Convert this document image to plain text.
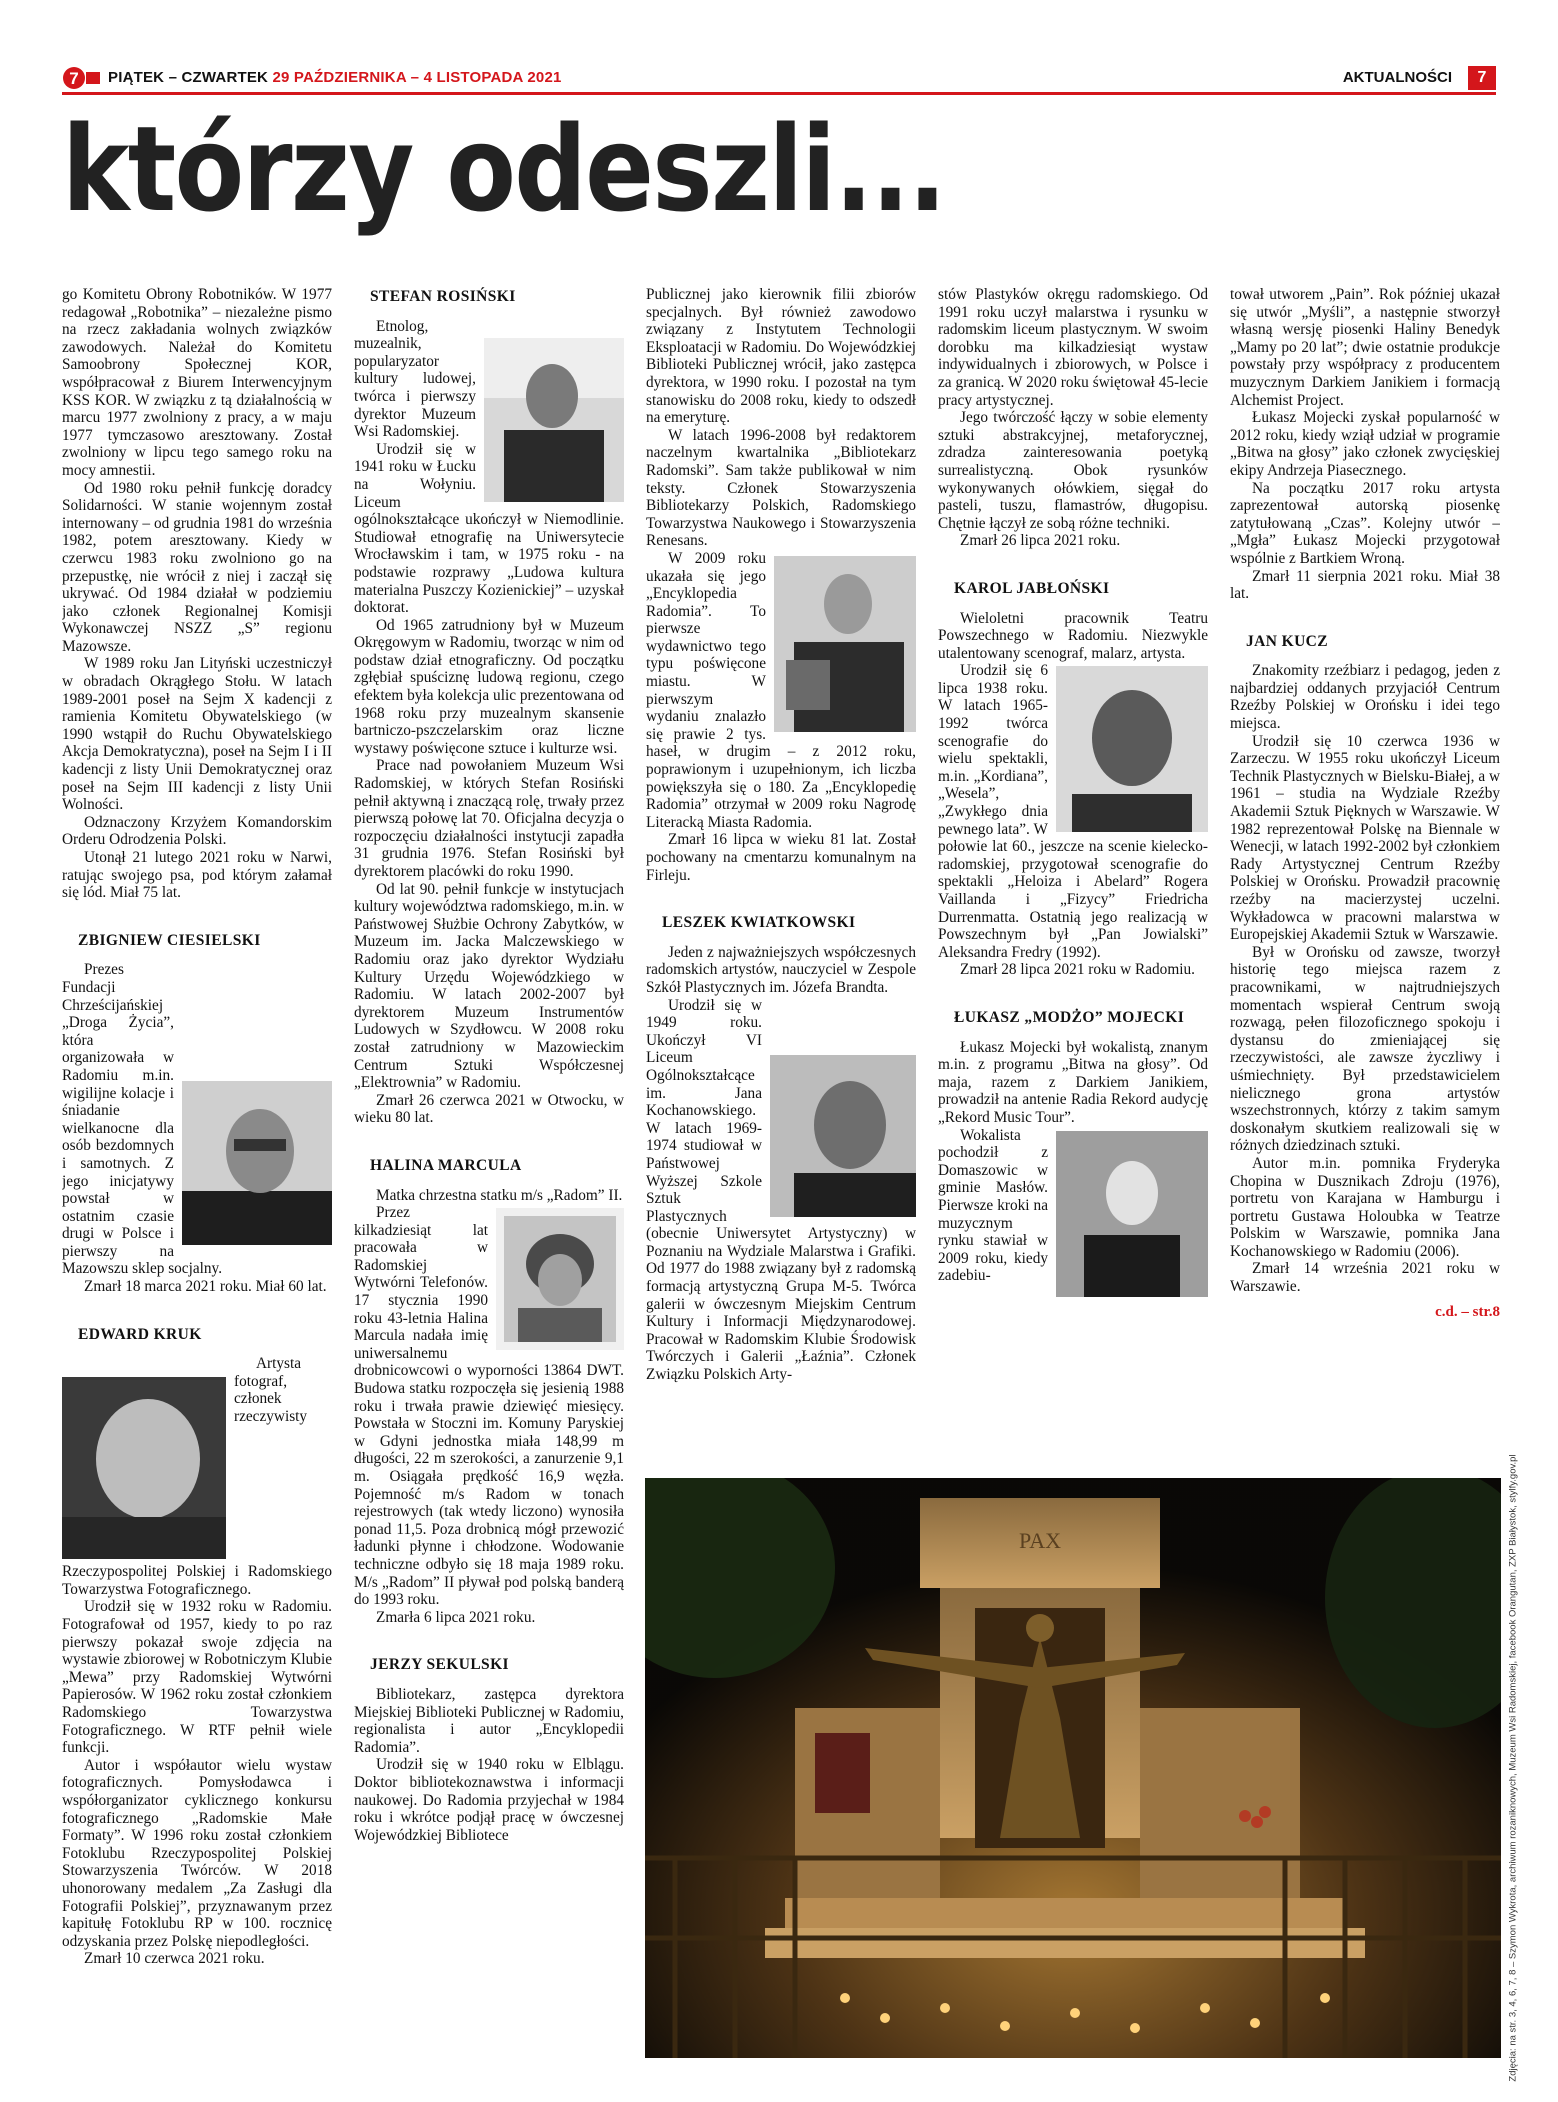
7 PIĄTEK – CZWARTEK 29 PAŹDZIERNIKA – 4 LISTOPADA 2021	AKTUALNOŚCI	7
którzy odeszli...

go Komitetu Obrony Robotników. W 1977 redagował „Robotnika” – niezależne pismo na rzecz zakładania wolnych związków zawodowych. Należał do Komitetu Samoobrony Społecznej KOR, współpracował z Biurem Interwencyjnym KSS KOR. W związku z tą działalnością w marcu 1977 zwolniony z pracy, a w maju 1977 tymczasowo aresztowany. Został zwolniony w lipcu tego samego roku na mocy amnestii.

Od 1980 roku pełnił funkcję doradcy Solidarności. W stanie wojennym został internowany – od grudnia 1981 do września 1982, potem aresztowany. Kiedy w czerwcu 1983 roku zwolniono go na przepustkę, nie wrócił z niej i zaczął się ukrywać. Od 1984 działał w podziemiu jako członek Regionalnej Komisji Wykonawczej NSZZ „S” regionu Mazowsze.

W 1989 roku Jan Lityński uczestniczył w obradach Okrągłego Stołu. W latach 1989-2001 poseł na Sejm X kadencji z ramienia Komitetu Obywatelskiego (w 1990 wstąpił do Ruchu Obywatelskiego Akcja Demokratyczna), poseł na Sejm I i II kadencji z listy Unii Demokratycznej oraz poseł na Sejm III kadencji z listy Unii Wolności.

Odznaczony Krzyżem Komandorskim Orderu Odrodzenia Polski.

Utonął 21 lutego 2021 roku w Narwi, ratując swojego psa, pod którym załamał się lód. Miał 75 lat.

ZBIGNIEW CIESIELSKI

Prezes Fundacji Chrześcijańskiej „Droga Życia”, która organizowała w Radomiu m.in. wigilijne kolacje i śniadanie wielkanocne dla osób bezdomnych i samotnych. Z jego inicjatywy powstał w ostatnim czasie drugi w Polsce i pierwszy na Mazowszu sklep socjalny.

Zmarł 18 marca 2021 roku. Miał 60 lat.

EDWARD KRUK

Artysta fotograf, członek rzeczywisty Rzeczypospolitej Polskiej i Radomskiego Towarzystwa Fotograficznego.

Urodził się w 1932 roku w Radomiu. Fotografował od 1957, kiedy to po raz pierwszy pokazał swoje zdjęcia na wystawie zbiorowej w Robotniczym Klubie „Mewa” przy Radomskiej Wytwórni Papierosów. W 1962 roku został członkiem Radomskiego Towarzystwa Fotograficznego. W RTF pełnił wiele funkcji.

Autor i współautor wielu wystaw fotograficznych. Pomysłodawca i współorganizator cyklicznego konkursu fotograficznego „Radomskie Małe Formaty”. W 1996 roku został członkiem Fotoklubu Rzeczypospolitej Polskiej Stowarzyszenia Twórców. W 2018 uhonorowany medalem „Za Zasługi dla Fotografii Polskiej”, przyznawanym przez kapitułę Fotoklubu RP w 100. rocznicę odzyskania przez Polskę niepodległości.

Zmarł 10 czerwca 2021 roku.

STEFAN ROSIŃSKI

Etnolog, muzealnik, popularyzator kultury ludowej, twórca i pierwszy dyrektor Muzeum Wsi Radomskiej.

Urodził się w 1941 roku w Łucku na Wołyniu. Liceum ogólnokształcące ukończył w Niemodlinie. Studiował etnografię na Uniwersytecie Wrocławskim i tam, w 1975 roku - na podstawie rozprawy „Ludowa kultura materialna Puszczy Kozienickiej” – uzyskał doktorat.

Od 1965 zatrudniony był w Muzeum Okręgowym w Radomiu, tworząc w nim od podstaw dział etnograficzny. Od początku zgłębiał spuściznę ludową regionu, czego efektem była kolekcja ulic prezentowana od 1968 roku przy muzealnym skansenie bartniczo-pszczelarskim oraz liczne wystawy poświęcone sztuce i kulturze wsi.

Prace nad powołaniem Muzeum Wsi Radomskiej, w których Stefan Rosiński pełnił aktywną i znaczącą rolę, trwały przez pierwszą połowę lat 70. Oficjalna decyzja o rozpoczęciu działalności instytucji zapadła 31 grudnia 1976. Stefan Rosiński był dyrektorem placówki do roku 1990.

Od lat 90. pełnił funkcje w instytucjach kultury województwa radomskiego, m.in. w Państwowej Służbie Ochrony Zabytków, w Muzeum im. Jacka Malczewskiego w Radomiu oraz jako dyrektor Wydziału Kultury Urzędu Wojewódzkiego w Radomiu. W latach 2002-2007 był dyrektorem Muzeum Instrumentów Ludowych w Szydłowcu. W 2008 roku został zatrudniony w Mazowieckim Centrum Sztuki Współczesnej „Elektrownia” w Radomiu.

Zmarł 26 czerwca 2021 w Otwocku, w wieku 80 lat.

HALINA MARCULA

Matka chrzestna statku m/s „Radom” II.

Przez kilkadziesiąt lat pracowała w Radomskiej Wytwórni Telefonów. 17 stycznia 1990 roku 43-letnia Halina Marcula nadała imię uniwersalnemu drobnicowcowi o wyporności 13864 DWT. Budowa statku rozpoczęła się jesienią 1988 roku i trwała prawie dziewięć miesięcy. Powstała w Stoczni im. Komuny Paryskiej w Gdyni jednostka miała 148,99 m długości, 22 m szerokości, a zanurzenie 9,1 m. Osiągała prędkość 16,9 węzła. Pojemność m/s Radom w tonach rejestrowych (tak wtedy liczono) wynosiła ponad 11,5. Poza drobnicą mógł przewozić ładunki płynne i chłodzone. Wodowanie techniczne odbyło się 18 maja 1989 roku. M/s „Radom” II pływał pod polską banderą do 1993 roku.

Zmarła 6 lipca 2021 roku.

JERZY SEKULSKI

Bibliotekarz, zastępca dyrektora Miejskiej Biblioteki Publicznej w Radomiu, regionalista i autor „Encyklopedii Radomia”.

Urodził się w 1940 roku w Elblągu. Doktor bibliotekoznawstwa i informacji naukowej. Do Radomia przyjechał w 1984 roku i wkrótce podjął pracę w ówczesnej Wojewódzkiej Bibliotece

Publicznej jako kierownik filii zbiorów specjalnych. Był również zawodowo związany z Instytutem Technologii Eksploatacji w Radomiu. Do Wojewódzkiej Biblioteki Publicznej wrócił, jako zastępca dyrektora, w 1990 roku. I pozostał na tym stanowisku do 2008 roku, kiedy to odszedł na emeryturę.

W latach 1996-2008 był redaktorem naczelnym kwartalnika „Bibliotekarz Radomski”. Sam także publikował w nim teksty. Członek Stowarzyszenia Bibliotekarzy Polskich, Radomskiego Towarzystwa Naukowego i Stowarzyszenia Renesans.

W 2009 roku ukazała się jego „Encyklopedia Radomia”. To pierwsze wydawnictwo tego typu poświęcone miastu. W pierwszym wydaniu znalazło się prawie 2 tys. haseł, w drugim – z 2012 roku, poprawionym i uzupełnionym, ich liczba powiększyła się o 180. Za „Encyklopedię Radomia” otrzymał w 2009 roku Nagrodę Literacką Miasta Radomia.

Zmarł 16 lipca w wieku 81 lat. Został pochowany na cmentarzu komunalnym na Firleju.

LESZEK KWIATKOWSKI

Jeden z najważniejszych współczesnych radomskich artystów, nauczyciel w Zespole Szkół Plastycznych im. Józefa Brandta.

Urodził się w 1949 roku. Ukończył VI Liceum Ogólnokształcące im. Jana Kochanowskiego. W latach 1969-1974 studiował w Państwowej Wyższej Szkole Sztuk Plastycznych (obecnie Uniwersytet Artystyczny) w Poznaniu na Wydziale Malarstwa i Grafiki. Od 1977 do 1988 związany był z radomską formacją artystyczną Grupa M-5. Twórca galerii w ówczesnym Miejskim Centrum Kultury i Informacji Międzynarodowej. Pracował w Radomskim Klubie Środowisk Twórczych i Galerii „Łaźnia”. Członek Związku Polskich Arty-

stów Plastyków okręgu radomskiego. Od 1991 roku uczył malarstwa i rysunku w radomskim liceum plastycznym. W swoim dorobku ma kilkadziesiąt wystaw indywidualnych i zbiorowych, w Polsce i za granicą. W 2020 roku świętował 45-lecie pracy artystycznej.

Jego twórczość łączy w sobie elementy sztuki abstrakcyjnej, metaforycznej, zdradza zainteresowania poetyką surrealistyczną. Obok rysunków wykonywanych ołówkiem, sięgał do pasteli, tuszu, flamastrów, długopisu. Chętnie łączył ze sobą różne techniki.

Zmarł 26 lipca 2021 roku.

KAROL JABŁOŃSKI

Wieloletni pracownik Teatru Powszechnego w Radomiu. Niezwykle utalentowany scenograf, malarz, artysta.

Urodził się 6 lipca 1938 roku. W latach 1965-1992 twórca scenografie do wielu spektakli, m.in. „Kordiana”, „Wesela”, „Zwykłego dnia pewnego lata”. W połowie lat 60., jeszcze na scenie kielecko-radomskiej, przygotował scenografie do spektakli „Heloiza i Abelard” Rogera Vaillanda i „Fizycy” Friedricha Durrenmatta. Ostatnią jego realizacją w Powszechnym był „Pan Jowialski” Aleksandra Fredry (1992).

Zmarł 28 lipca 2021 roku w Radomiu.

ŁUKASZ „MODŻO” MOJECKI

Łukasz Mojecki był wokalistą, znanym m.in. z programu „Bitwa na głosy”. Od maja, razem z Darkiem Janikiem, prowadził na antenie Radia Rekord audycję „Rekord Music Tour”.

Wokalista pochodził z Domaszowic w gminie Masłów. Pierwsze kroki na muzycznym rynku stawiał w 2009 roku, kiedy zadebiu-

tował utworem „Pain”. Rok później ukazał się utwór „Myśli”, a następnie stworzył własną wersję piosenki Haliny Benedyk „Mamy po 20 lat”; dwie ostatnie produkcje powstały przy współpracy z producentem muzycznym Darkiem Janikiem i formacją Alchemist Project.

Łukasz Mojecki zyskał popularność w 2012 roku, kiedy wziął udział w programie „Bitwa na głosy” jako członek zwycięskiej ekipy Andrzeja Piasecznego.

Na początku 2017 roku artysta zaprezentował autorską piosenkę zatytułowaną „Czas”. Kolejny utwór – „Mgła” Łukasz Mojecki przygotował wspólnie z Bartkiem Wroną.

Zmarł 11 sierpnia 2021 roku. Miał 38 lat.

JAN KUCZ

Znakomity rzeźbiarz i pedagog, jeden z najbardziej oddanych przyjaciół Centrum Rzeźby Polskiej w Orońsku i idei tego miejsca.

Urodził się 10 czerwca 1936 w Zarzeczu. W 1955 roku ukończył Liceum Technik Plastycznych w Bielsku-Białej, a w 1961 – studia na Wydziale Rzeźby Akademii Sztuk Pięknych w Warszawie. W 1982 reprezentował Polskę na Biennale w Wenecji, w latach 1992-2002 był członkiem Rady Artystycznej Centrum Rzeźby Polskiej w Orońsku. Prowadził pracownię rzeźby na macierzystej uczelni. Wykładowca w pracowni malarstwa w Europejskiej Akademii Sztuk w Warszawie.

Był w Orońsku od zawsze, tworzył historię tego miejsca razem z pracownikami, w najtrudniejszych momentach wspierał Centrum swoją rozwagą, pełen filozoficznego spokoju i dystansu do zmieniającej się rzeczywistości, ale zawsze życzliwy i uśmiechnięty. Był przedstawicielem nielicznego grona artystów wszechstronnych, którzy z takim samym doskonałym skutkiem realizowali się w różnych dziedzinach sztuki.

Autor m.in. pomnika Fryderyka Chopina w Dusznikach Zdroju (1976), portretu von Karajana w Hamburgu i portretu Gustawa Holoubka w Teatrze Polskim w Warszawie, pomnika Jana Kochanowskiego w Radomiu (2006).

Zmarł 14 września 2021 roku w Warszawie.

c.d. – str.8
PAX	Zdjęcia: na str. 3, 4, 6, 7, 8 – Szymon Wykrota, archiwum rozaniknowych, Muzeum Wsi Radomskiej, facebook Orangutan, ZXP Białystok, stylfy.gov.pl
